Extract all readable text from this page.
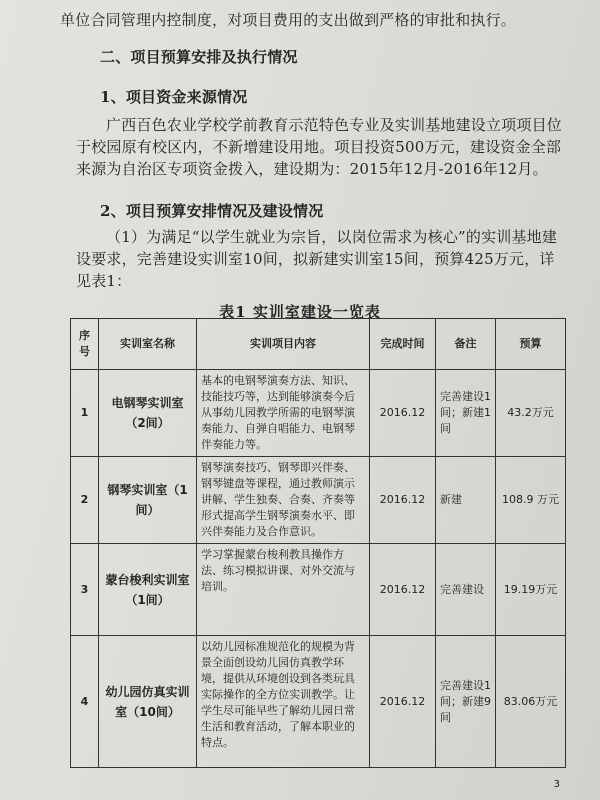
单位合同管理内控制度，对项目费用的支出做到严格的审批和执行。

二、项目预算安排及执行情况

1、项目资金来源情况

广西百色农业学校学前教育示范特色专业及实训基地建设立项项目位于校园原有校区内，不新增建设用地。项目投资500万元，建设资金全部来源为自治区专项资金拨入，建设期为：2015年12月-2016年12月。

2、项目预算安排情况及建设情况

（1）为满足“以学生就业为宗旨，以岗位需求为核心”的实训基地建设要求，完善建设实训室10间，拟新建实训室15间，预算425万元，详见表1：

表1 实训室建设一览表
序号	实训室名称	实训项目内容	完成时间	备注	预算
1	电钢琴实训室（2间）	基本的电钢琴演奏方法、知识、技能技巧等，达到能够演奏今后从事幼儿园教学所需的电钢琴演奏能力、自弹自唱能力、电钢琴伴奏能力等。	2016.12	完善建设1间；新建1间	43.2万元
2	钢琴实训室（1间）	钢琴演奏技巧、钢琴即兴伴奏、钢琴键盘等课程，通过教师演示讲解、学生独奏、合奏、齐奏等形式提高学生钢琴演奏水平、即兴伴奏能力及合作意识。	2016.12	新建	108.9 万元
3	蒙台梭利实训室（1间）	学习掌握蒙台梭利教具操作方法、练习模拟讲课、对外交流与培训。	2016.12	完善建设	19.19万元
4	幼儿园仿真实训室（10间）	以幼儿园标准规范化的规模为背景全面创设幼儿园仿真教学环境，提供从环境创设到各类玩具实际操作的全方位实训教学。让学生尽可能早些了解幼儿园日常生活和教育活动，了解本职业的特点。	2016.12	完善建设1间；新建9间	83.06万元
3
